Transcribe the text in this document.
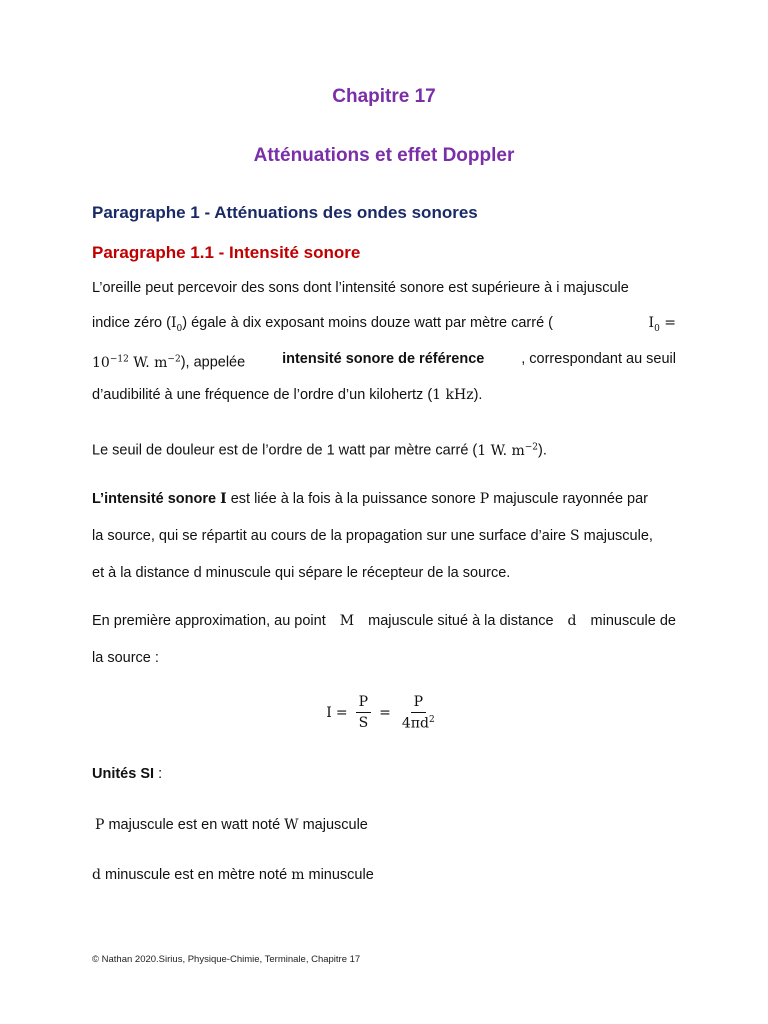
Chapitre 17
Atténuations et effet Doppler
Paragraphe 1 - Atténuations des ondes sonores
Paragraphe 1.1 - Intensité sonore
L’oreille peut percevoir des sons dont l’intensité sonore est supérieure à i majuscule
indice zéro $(I_0)$ égale à dix exposant moins douze watt par mètre carré (	$I_0$ =
$10^{-12}$ W. $m^{-2}$), appelée	intensité sonore de référence	, correspondant au seuil
d’audibilité à une fréquence de l’ordre d’un kilohertz (1 kHz).
Le seuil de douleur est de l’ordre de 1 watt par mètre carré (1 W. $m^{-2}$).
L’intensité sonore I est liée à la fois à la puissance sonore P majuscule rayonnée par
la source, qui se répartit au cours de la propagation sur une surface d’aire S majuscule,
et à la distance d minuscule qui sépare le récepteur de la source.
En première approximation, au point M majuscule situé à la distance d minuscule de
la source :
$I = \frac{P}{S} = \frac{P}{4\pi d^2}$
Unités SI :
P majuscule est en watt noté W majuscule
d minuscule est en mètre noté m minuscule
© Nathan 2020.Sirius, Physique-Chimie, Terminale, Chapitre 17
